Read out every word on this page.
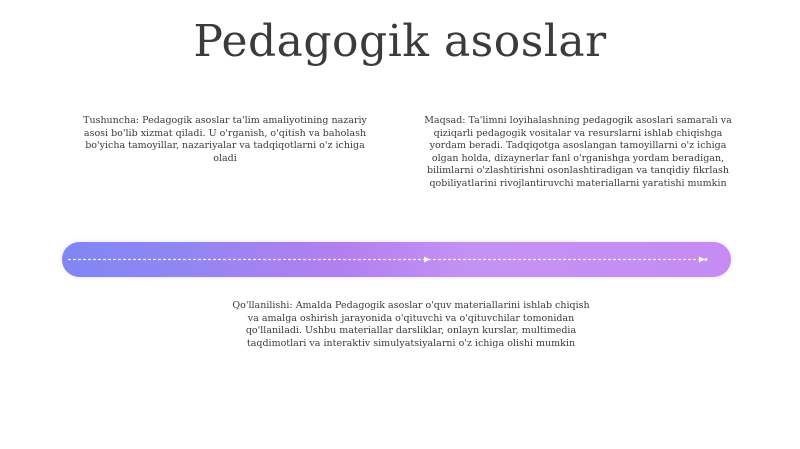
Pedagogik asoslar
Tushuncha: Pedagogik asoslar ta'lim amaliyotining nazariy asosi bo'lib xizmat qiladi. U o'rganish, o'qitish va baholash bo'yicha tamoyillar, nazariyalar va tadqiqotlarni o'z ichiga oladi
Maqsad: Ta'limni loyihalashning pedagogik asoslari samarali va qiziqarli pedagogik vositalar va resurslarni ishlab chiqishga yordam beradi. Tadqiqotga asoslangan tamoyillarni o'z ichiga olgan holda, dizaynerlar fanl o'rganishga yordam beradigan, bilimlarni o'zlashtirishni osonlashtiradigan va tanqidiy fikrlash qobiliyatlarini rivojlantiruvchi materiallarni yaratishi mumkin
Qo'llanilishi: Amalda Pedagogik asoslar o'quv materiallarini ishlab chiqish va amalga oshirish jarayonida o'qituvchi va o'qituvchilar tomonidan qo'llaniladi. Ushbu materiallar darsliklar, onlayn kurslar, multimedia taqdimotlari va interaktiv simulyatsiyalarni o'z ichiga olishi mumkin
